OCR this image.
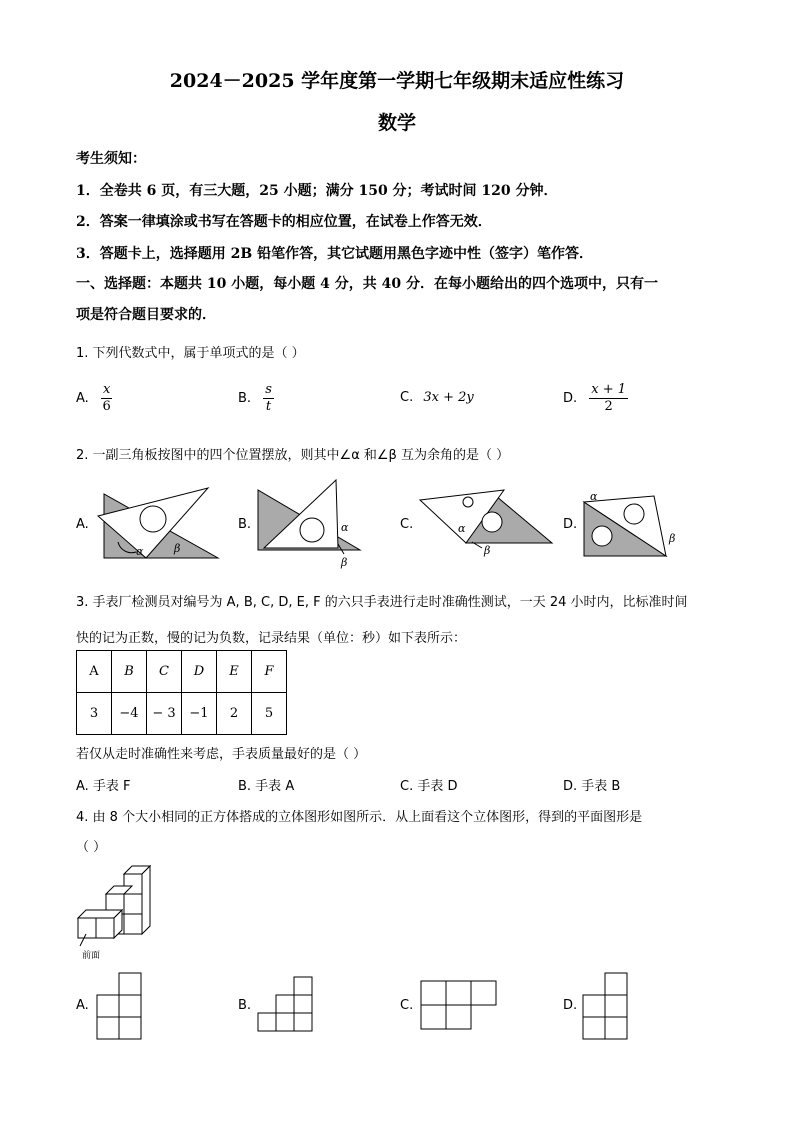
2024－2025 学年度第一学期七年级期末适应性练习
数学
考生须知：
1．全卷共 6 页，有三大题，25 小题；满分 150 分；考试时间 120 分钟．
2．答案一律填涂或书写在答题卡的相应位置，在试卷上作答无效．
3．答题卡上，选择题用 2B 铅笔作答，其它试题用黑色字迹中性（签字）笔作答．
一、选择题：本题共 10 小题，每小题 4 分，共 40 分．在每小题给出的四个选项中，只有一
项是符合题目要求的．
1. 下列代数式中，属于单项式的是（ ）
A. $\frac{x}{6}$	B. $\frac{s}{t}$	C. 3x + 2y	D. $\frac{x + 1}{2}$
2. 一副三角板按图中的四个位置摆放，则其中∠α 和∠β 互为余角的是（ ）
A.
α	β
B.	α
β
C.	α
β
D.
α
β
3. 手表厂检测员对编号为 A, B, C, D, E, F 的六只手表进行走时准确性测试，一天 24 小时内，比标准时间
快的记为正数，慢的记为负数，记录结果（单位：秒）如下表所示：
A	B	C	D	E	F
3	−4	− 3	−1	2	5
若仅从走时准确性来考虑，手表质量最好的是（ ）
A. 手表 F	B. 手表 A	C. 手表 D	D. 手表 B
4. 由 8 个大小相同的正方体搭成的立体图形如图所示．从上面看这个立体图形，得到的平面图形是
（ ）
前面
A.	B.	C.	D.
